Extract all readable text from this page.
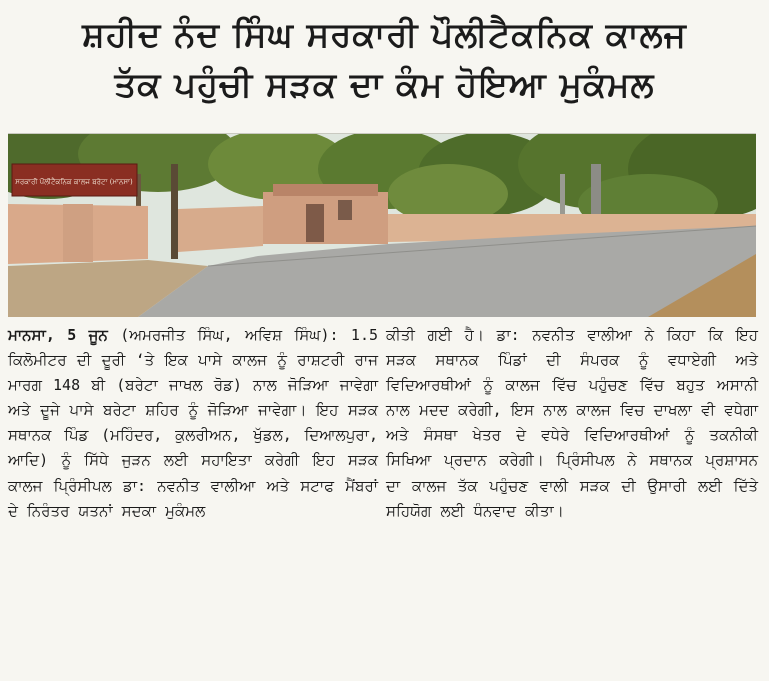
ਸ਼ਹੀਦ ਨੰਦ ਸਿੰਘ ਸਰਕਾਰੀ ਪੌਲੀਟੈਕਨਿਕ ਕਾਲਜ
ਤੱਕ ਪਹੁੰਚੀ ਸੜਕ ਦਾ ਕੰਮ ਹੋਇਆ ਮੁਕੰਮਲ
ਸਰਕਾਰੀ ਪੌਲੀਟੈਕਨਿਕ ਕਾਲਜ ਬਰੇਟਾ (ਮਾਨਸਾ)

ਮਾਨਸਾ, 5 ਜੂਨ (ਅਮਰਜੀਤ ਸਿੰਘ, ਅਵਿਸ਼ ਸਿੰਘ): 1.5 ਕਿਲੋਮੀਟਰ ਦੀ ਦੂਰੀ ‘ਤੇ ਇਕ ਪਾਸੇ ਕਾਲਜ ਨੂੰ ਰਾਸ਼ਟਰੀ ਰਾਜ ਮਾਰਗ 148 ਬੀ (ਬਰੇਟਾ ਜਾਖਲ ਰੋਡ) ਨਾਲ ਜੋੜਿਆ ਜਾਵੇਗਾ ਅਤੇ ਦੂਜੇ ਪਾਸੇ ਬਰੇਟਾ ਸ਼ਹਿਰ ਨੂੰ ਜੋੜਿਆ ਜਾਵੇਗਾ। ਇਹ ਸੜਕ ਸਥਾਨਕ ਪਿੰਡ (ਮਹਿੰਦਰ, ਕੁਲਰੀਅਨ, ਖੁੱਡਲ, ਦਿਆਲਪੁਰਾ, ਆਦਿ) ਨੂੰ ਸਿੱਧੇ ਜੁੜਨ ਲਈ ਸਹਾਇਤਾ ਕਰੇਗੀ ਇਹ ਸੜਕ ਕਾਲਜ ਪ੍ਰਿੰਸੀਪਲ ਡਾ: ਨਵਨੀਤ ਵਾਲੀਆ ਅਤੇ ਸਟਾਫ ਮੈਂਬਰਾਂ ਦੇ ਨਿਰੰਤਰ ਯਤਨਾਂ ਸਦਕਾ ਮੁਕੰਮਲ

ਕੀਤੀ ਗਈ ਹੈ। ਡਾ: ਨਵਨੀਤ ਵਾਲੀਆ ਨੇ ਕਿਹਾ ਕਿ ਇਹ ਸੜਕ ਸਥਾਨਕ ਪਿੰਡਾਂ ਦੀ ਸੰਪਰਕ ਨੂੰ ਵਧਾਏਗੀ ਅਤੇ ਵਿਦਿਆਰਥੀਆਂ ਨੂੰ ਕਾਲਜ ਵਿੱਚ ਪਹੁੰਚਣ ਵਿੱਚ ਬਹੁਤ ਅਸਾਨੀ ਨਾਲ ਮਦਦ ਕਰੇਗੀ, ਇਸ ਨਾਲ ਕਾਲਜ ਵਿਚ ਦਾਖਲਾ ਵੀ ਵਧੇਗਾ ਅਤੇ ਸੰਸਥਾ ਖੇਤਰ ਦੇ ਵਧੇਰੇ ਵਿਦਿਆਰਥੀਆਂ ਨੂੰ ਤਕਨੀਕੀ ਸਿਖਿਆ ਪ੍ਰਦਾਨ ਕਰੇਗੀ। ਪ੍ਰਿੰਸੀਪਲ ਨੇ ਸਥਾਨਕ ਪ੍ਰਸ਼ਾਸਨ ਦਾ ਕਾਲਜ ਤੱਕ ਪਹੁੰਚਣ ਵਾਲੀ ਸੜਕ ਦੀ ਉਸਾਰੀ ਲਈ ਦਿੱਤੇ ਸਹਿਯੋਗ ਲਈ ਧੰਨਵਾਦ ਕੀਤਾ।
